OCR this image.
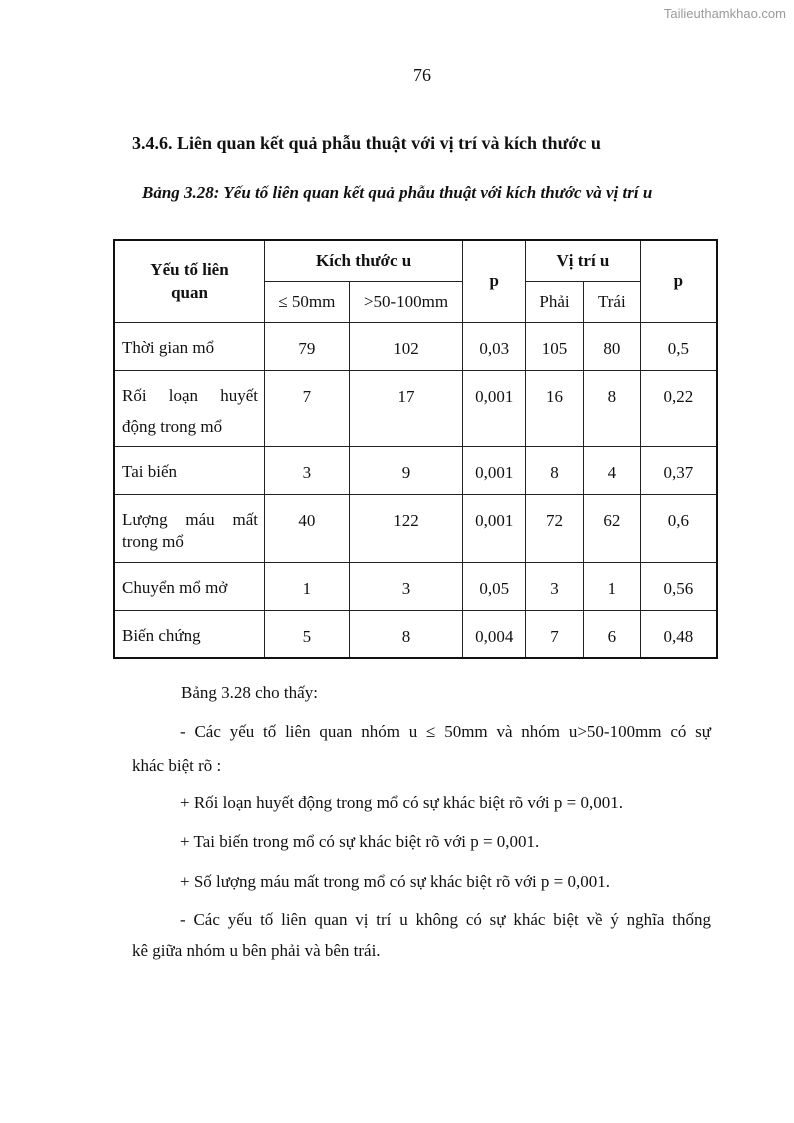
Tailieuthamkhao.com
76
3.4.6. Liên quan kết quả phẫu thuật với vị trí và kích thước u
Bảng 3.28: Yếu tố liên quan kết quả phẫu thuật với kích thước và vị trí u
Yếu tố liên quan	Kích thước u		p	Vị trí u		p
	≤ 50mm	>50-100mm		Phải	Trái	
Thời gian mổ	79	102	0,03	105	80	0,5
Rối loạn huyết động trong mổ	7	17	0,001	16	8	0,22
Tai biến	3	9	0,001	8	4	0,37
Lượng máu mất trong mổ	40	122	0,001	72	62	0,6
Chuyển mổ mở	1	3	0,05	3	1	0,56
Biến chứng	5	8	0,004	7	6	0,48
Bảng 3.28 cho thấy:
- Các yếu tố liên quan nhóm u ≤ 50mm và nhóm u>50-100mm có sự
khác biệt rõ :
+ Rối loạn huyết động trong mổ có sự khác biệt rõ với p = 0,001.
+ Tai biến trong mổ có sự khác biệt rõ với p = 0,001.
+ Số lượng máu mất trong mổ có sự khác biệt rõ với p = 0,001.
- Các yếu tố liên quan vị trí u không có sự khác biệt về ý nghĩa thống
kê giữa nhóm u bên phải và bên trái.
